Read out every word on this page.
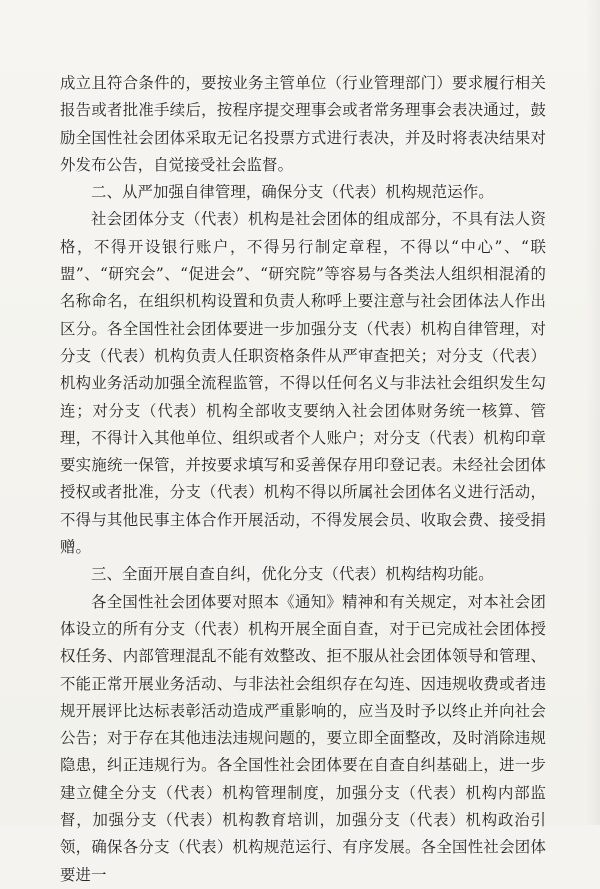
成立且符合条件的，要按业务主管单位（行业管理部门）要求履行相关报告或者批准手续后，按程序提交理事会或者常务理事会表决通过，鼓励全国性社会团体采取无记名投票方式进行表决，并及时将表决结果对外发布公告，自觉接受社会监督。

二、从严加强自律管理，确保分支（代表）机构规范运作。

社会团体分支（代表）机构是社会团体的组成部分，不具有法人资格，不得开设银行账户，不得另行制定章程，不得以“中心”、“联盟”、“研究会”、“促进会”、“研究院”等容易与各类法人组织相混淆的名称命名，在组织机构设置和负责人称呼上要注意与社会团体法人作出区分。各全国性社会团体要进一步加强分支（代表）机构自律管理，对分支（代表）机构负责人任职资格条件从严审查把关；对分支（代表）机构业务活动加强全流程监管，不得以任何名义与非法社会组织发生勾连；对分支（代表）机构全部收支要纳入社会团体财务统一核算、管理，不得计入其他单位、组织或者个人账户；对分支（代表）机构印章要实施统一保管，并按要求填写和妥善保存用印登记表。未经社会团体授权或者批准，分支（代表）机构不得以所属社会团体名义进行活动，不得与其他民事主体合作开展活动，不得发展会员、收取会费、接受捐赠。

三、全面开展自查自纠，优化分支（代表）机构结构功能。

各全国性社会团体要对照本《通知》精神和有关规定，对本社会团体设立的所有分支（代表）机构开展全面自查，对于已完成社会团体授权任务、内部管理混乱不能有效整改、拒不服从社会团体领导和管理、不能正常开展业务活动、与非法社会组织存在勾连、因违规收费或者违规开展评比达标表彰活动造成严重影响的，应当及时予以终止并向社会公告；对于存在其他违法违规问题的，要立即全面整改，及时消除违规隐患，纠正违规行为。各全国性社会团体要在自查自纠基础上，进一步建立健全分支（代表）机构管理制度，加强分支（代表）机构内部监督，加强分支（代表）机构教育培训，加强分支（代表）机构政治引领，确保各分支（代表）机构规范运行、有序发展。各全国性社会团体要进一
